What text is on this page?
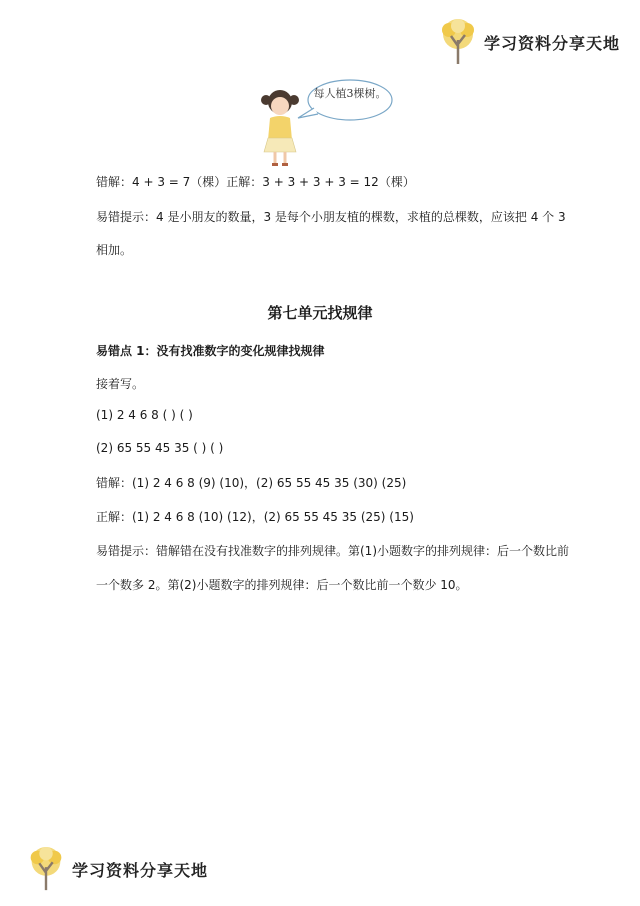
学习资料分享天地
每人植3棵树。
错解：4 + 3 = 7（棵）正解：3 + 3 + 3 + 3 = 12（棵）
易错提示：4 是小朋友的数量，3 是每个小朋友植的棵数，求植的总棵数，应该把 4 个 3
相加。
第七单元找规律
易错点 1：没有找准数字的变化规律找规律
接着写。
(1) 2 4 6 8 ( ) ( )
(2) 65 55 45 35 ( ) ( )
错解：(1) 2 4 6 8 (9) (10)，(2) 65 55 45 35 (30) (25)
正解：(1) 2 4 6 8 (10) (12)，(2) 65 55 45 35 (25) (15)
易错提示：错解错在没有找准数字的排列规律。第(1)小题数字的排列规律：后一个数比前
一个数多 2。第(2)小题数字的排列规律：后一个数比前一个数少 10。
学习资料分享天地
